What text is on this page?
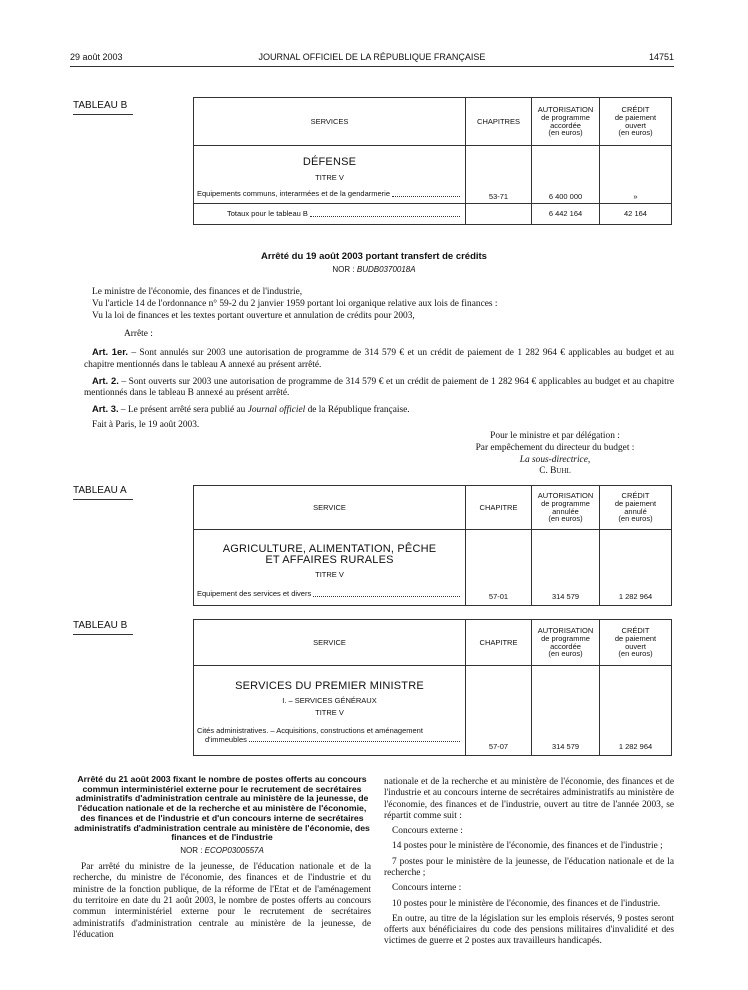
29 août 2003	JOURNAL OFFICIEL DE LA RÉPUBLIQUE FRANÇAISE	14751
TABLEAU B
SERVICES	CHAPITRES	AUTORISATION
de programme
accordée
(en euros)	CRÉDIT
de paiement
ouvert
(en euros)

DÉFENSE
TITRE V
Equipements communs, interarmées et de la gendarmerie	53-71	6 400 000	»

Totaux pour le tableau B		6 442 164	42 164
Arrêté du 19 août 2003 portant transfert de crédits
NOR : BUDB0370018A
Le ministre de l'économie, des finances et de l'industrie,
Vu l'article 14 de l'ordonnance n° 59-2 du 2 janvier 1959 portant loi organique relative aux lois de finances :
Vu la loi de finances et les textes portant ouverture et annulation de crédits pour 2003,
Arrête :
Art. 1er. – Sont annulés sur 2003 une autorisation de programme de 314 579 € et un crédit de paiement de 1 282 964 € applicables au budget et au chapitre mentionnés dans le tableau A annexé au présent arrêté.
Art. 2. – Sont ouverts sur 2003 une autorisation de programme de 314 579 € et un crédit de paiement de 1 282 964 € applicables au budget et au chapitre mentionnés dans le tableau B annexé au présent arrêté.
Art. 3. – Le présent arrêté sera publié au Journal officiel de la République française.
Fait à Paris, le 19 août 2003.
Pour le ministre et par délégation :
Par empêchement du directeur du budget :
La sous-directrice,
C. Buhl
TABLEAU A
SERVICE	CHAPITRE	AUTORISATION
de programme
annulée
(en euros)	CRÉDIT
de paiement
annulé
(en euros)

AGRICULTURE, ALIMENTATION, PÊCHE
ET AFFAIRES RURALES
TITRE V
Equipement des services et divers	57-01	314 579	1 282 964
TABLEAU B
SERVICE	CHAPITRE	AUTORISATION
de programme
accordée
(en euros)	CRÉDIT
de paiement
ouvert
(en euros)

SERVICES DU PREMIER MINISTRE
I. – SERVICES GÉNÉRAUX
TITRE V
Cités administratives. – Acquisitions, constructions et aménagement
d'immeubles	57-07	314 579	1 282 964
Arrêté du 21 août 2003 fixant le nombre de postes offerts au concours commun interministériel externe pour le recrutement de secrétaires administratifs d'administration centrale au ministère de la jeunesse, de l'éducation nationale et de la recherche et au ministère de l'économie, des finances et de l'industrie et d'un concours interne de secrétaires administratifs d'administration centrale au ministère de l'économie, des finances et de l'industrie
NOR : ECOP0300557A

Par arrêté du ministre de la jeunesse, de l'éducation nationale et de la recherche, du ministre de l'économie, des finances et de l'industrie et du ministre de la fonction publique, de la réforme de l'Etat et de l'aménagement du territoire en date du 21 août 2003, le nombre de postes offerts au concours commun interministériel externe pour le recrutement de secrétaires administratifs d'administration centrale au ministère de la jeunesse, de l'éducation

nationale et de la recherche et au ministère de l'économie, des finances et de l'industrie et au concours interne de secrétaires administratifs au ministère de l'économie, des finances et de l'industrie, ouvert au titre de l'année 2003, se répartit comme suit :

Concours externe :

14 postes pour le ministère de l'économie, des finances et de l'industrie ;

7 postes pour le ministère de la jeunesse, de l'éducation nationale et de la recherche ;

Concours interne :

10 postes pour le ministère de l'économie, des finances et de l'industrie.

En outre, au titre de la législation sur les emplois réservés, 9 postes seront offerts aux bénéficiaires du code des pensions militaires d'invalidité et des victimes de guerre et 2 postes aux travailleurs handicapés.
